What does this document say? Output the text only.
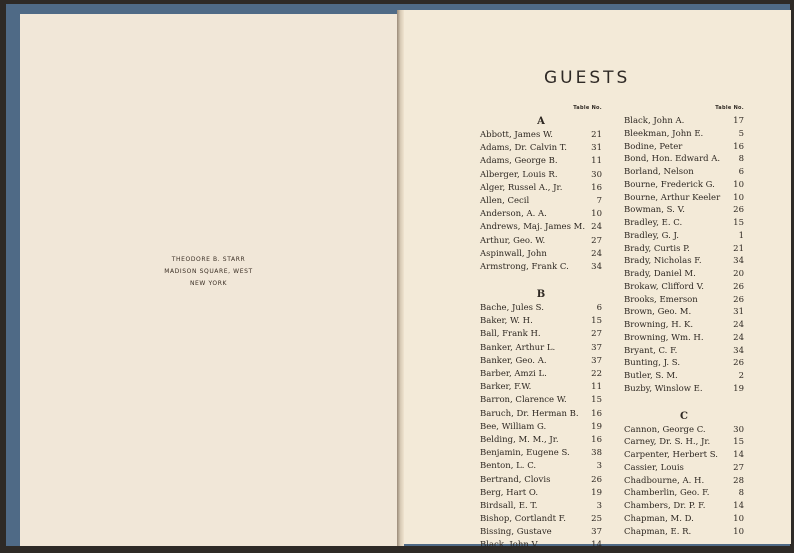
THEODORE B. STARR
MADISON SQUARE, WEST
NEW YORK
GUESTS
Table No.
A
Abbott, James W.	21
Adams, Dr. Calvin T.	31
Adams, George B.	11
Alberger, Louis R.	30
Alger, Russel A., Jr.	16
Allen, Cecil	7
Anderson, A. A.	10
Andrews, Maj. James M. 24
Arthur, Geo. W.	27
Aspinwall, John	24
Armstrong, Frank C.	34
B
Bache, Jules S.	6
Baker, W. H.	15
Ball, Frank H.	27
Banker, Arthur L.	37
Banker, Geo. A.	37
Barber, Amzi L.	22
Barker, F.W.	11
Barron, Clarence W.	15
Baruch, Dr. Herman B.	16
Bee, William G.	19
Belding, M. M., Jr.	16
Benjamin, Eugene S.	38
Benton, L. C.	3
Bertrand, Clovis	26
Berg, Hart O.	19
Birdsall, E. T.	3
Bishop, Cortlandt F.	25
Bissing, Gustave	37
Black, John V.	14
Table No.
Black, John A.	17
Bleekman, John E.	5
Bodine, Peter	16
Bond, Hon. Edward A.	8
Borland, Nelson	6
Bourne, Frederick G.	10
Bourne, Arthur Keeler	10
Bowman, S. V.	26
Bradley, E. C.	15
Bradley, G. J.	1
Brady, Curtis P.	21
Brady, Nicholas F.	34
Brady, Daniel M.	20
Brokaw, Clifford V.	26
Brooks, Emerson	26
Brown, Geo. M.	31
Browning, H. K.	24
Browning, Wm. H.	24
Bryant, C. F.	34
Bunting, J. S.	26
Butler, S. M.	2
Buzby, Winslow E.	19
C
Cannon, George C.	30
Carney, Dr. S. H., Jr.	15
Carpenter, Herbert S.	14
Cassier, Louis	27
Chadbourne, A. H.	28
Chamberlin, Geo. F.	8
Chambers, Dr. P. F.	14
Chapman, M. D.	10
Chapman, E. R.	10
